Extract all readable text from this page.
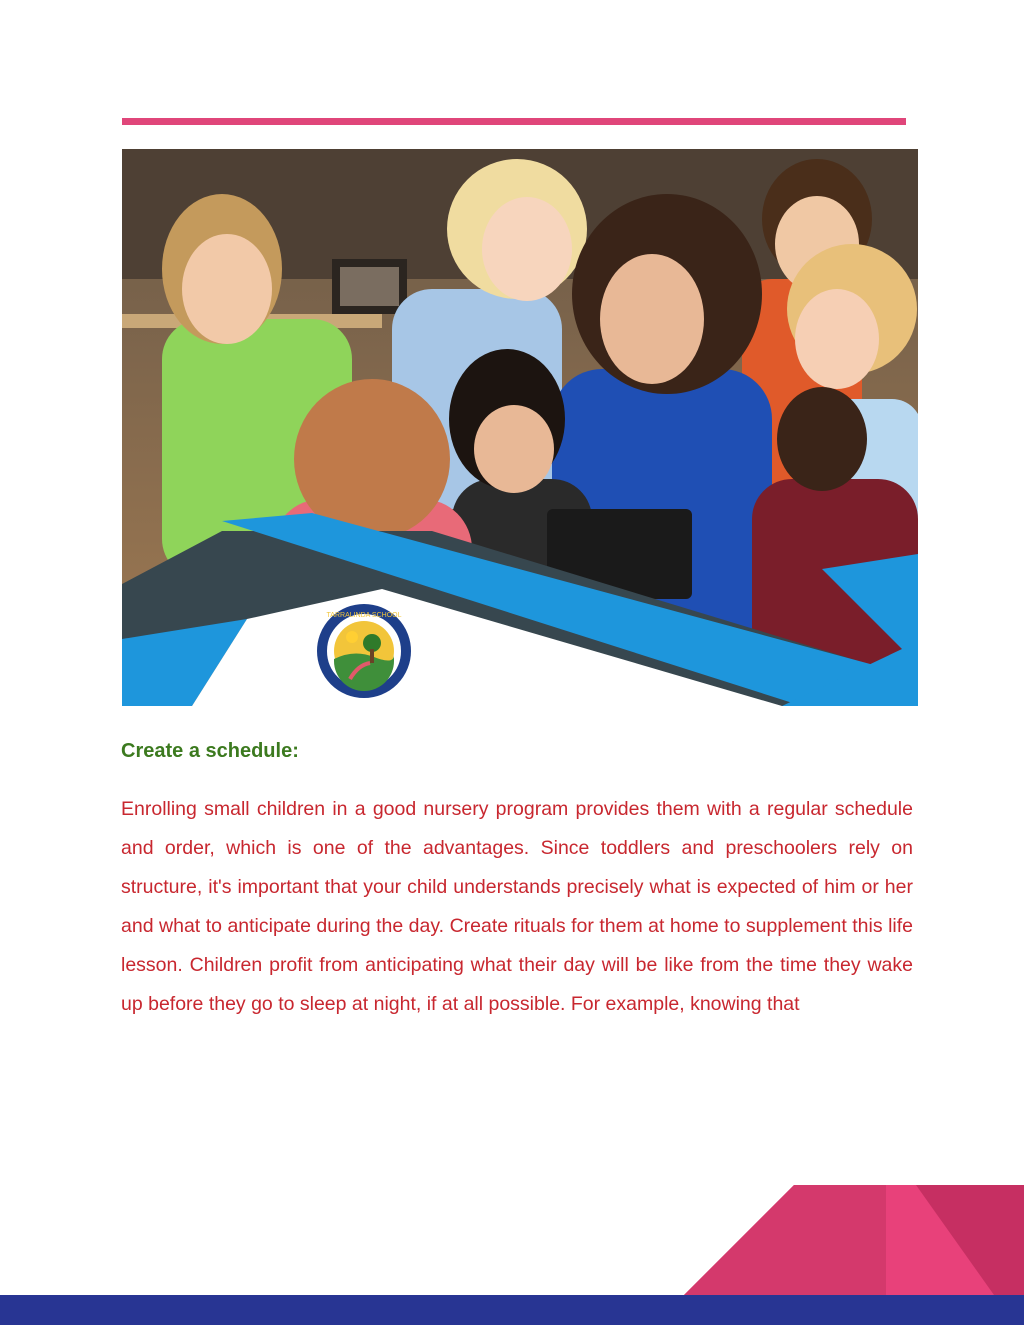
TARRALINDA SCHOOL
Create a schedule:

Enrolling small children in a good nursery program provides them with a regular schedule and order, which is one of the advantages. Since toddlers and preschoolers rely on structure, it's important that your child understands precisely what is expected of him or her and what to anticipate during the day. Create rituals for them at home to supplement this life lesson. Children profit from anticipating what their day will be like from the time they wake up before they go to sleep at night, if at all possible. For example, knowing that
